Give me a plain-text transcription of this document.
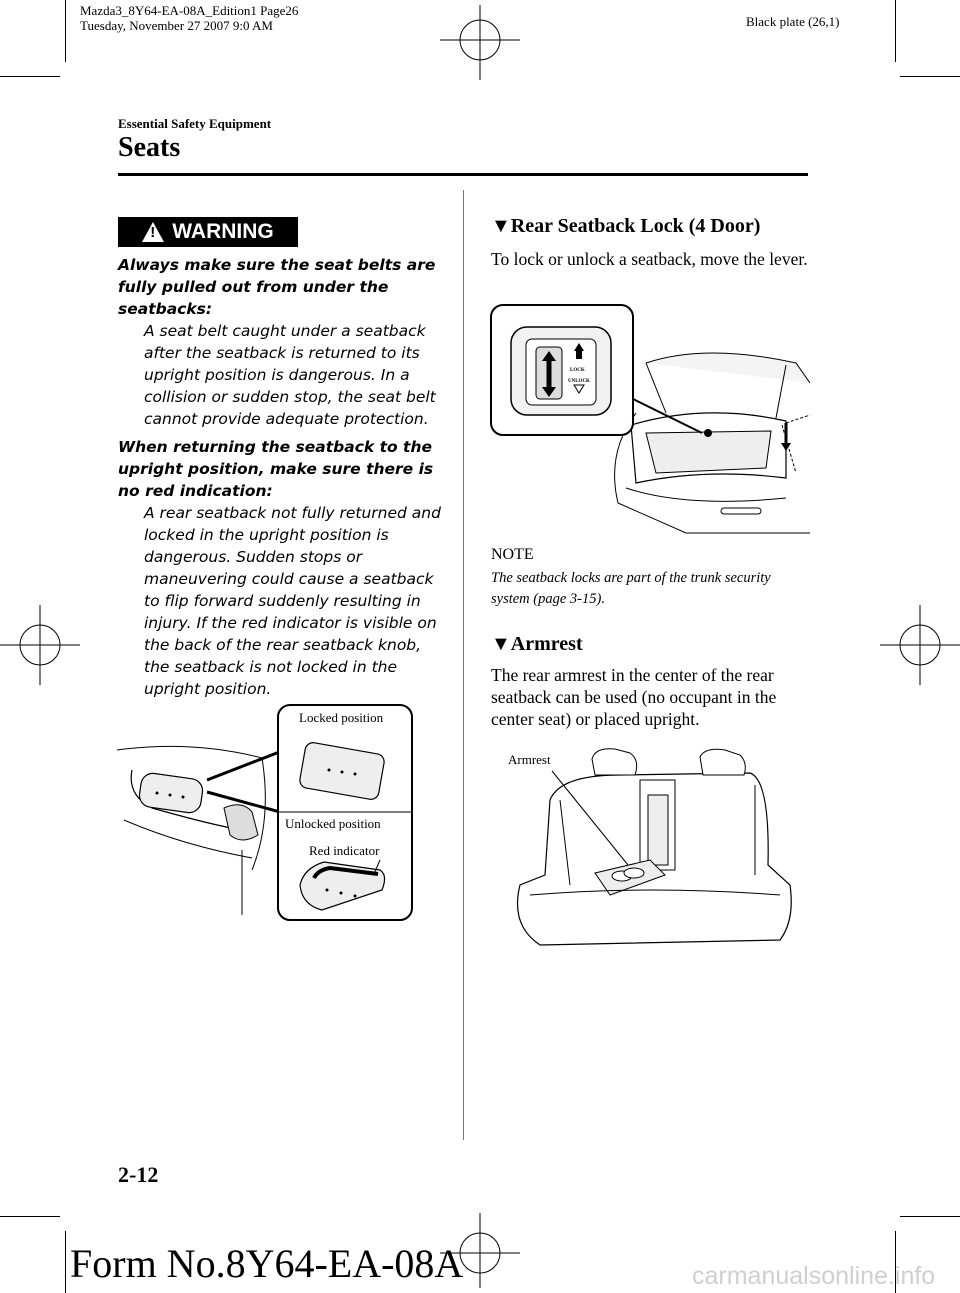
Mazda3_8Y64-EA-08A_Edition1 Page26
Tuesday, November 27 2007 9:0 AM	Black plate (26,1)
Essential Safety Equipment
Seats
! WARNING
Always make sure the seat belts are fully pulled out from under the seatbacks:
A seat belt caught under a seatback after the seatback is returned to its upright position is dangerous. In a collision or sudden stop, the seat belt cannot provide adequate protection.
When returning the seatback to the upright position, make sure there is no red indication:
A rear seatback not fully returned and locked in the upright position is dangerous. Sudden stops or maneuvering could cause a seatback to flip forward suddenly resulting in injury. If the red indicator is visible on the back of the rear seatback knob, the seatback is not locked in the upright position.
Locked position
Unlocked position
Red indicator
▼Rear Seatback Lock (4 Door)
To lock or unlock a seatback, move the lever.
LOCK
UNLOCK
NOTE
The seatback locks are part of the trunk security system (page 3-15).
▼Armrest
The rear armrest in the center of the rear seatback can be used (no occupant in the center seat) or placed upright.
Armrest
2-12
Form No.8Y64-EA-08A	carmanualsonline.info
